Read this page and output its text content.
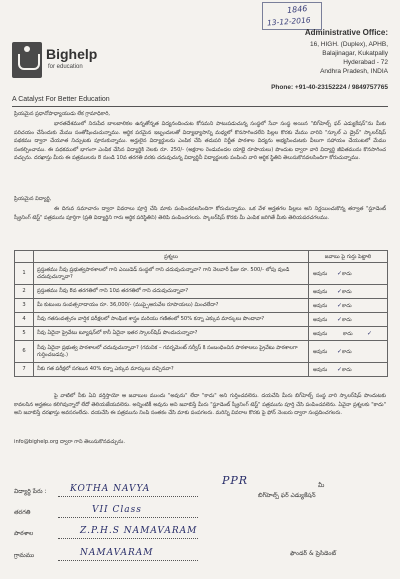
1846
13-12-2016
Bighelp
for education
A Catalyst For Better Education
Administrative Office:
16, HIGH. (Duplex), APHB,
Balajinagar, Kukatpally
Hyderabad - 72
Andhra Pradesh, INDIA
Phone: +91-40-23152224 / 9849757765
ప్రియమైన ప్రధానోపాధ్యాయుడు లేక గ్రామాధికారి,
భారతదేశములో నిరుపేద బాలబాలికల ఉన్నతోన్నత విద్యనందించుట కోసమని పాటుపడుచున్న సంస్థలో సేవా సంస్థ అయిన "బిగ్‌హెల్ప్ ఫర్ ఎడ్యుకేషన్"ను మీకు పరిచయం చేసేందుకు మేము సంతోషించుచున్నాము. ఆర్థిక పరమైన ఇబ్బందులతో విద్యాభ్యాసాన్ని మధ్యలో కొనసాగించలేని పిల్లల కొరకు మేము వారిని "స్కూల్ ఎ డ్రైవ్" స్కాలర్‌షిప్ పథకము ద్వారా చేయూత నిచ్చుటకు పూనుకున్నాము. అర్హులైన విద్యార్థులను ఎంపిక చేసి తదుపరి నిర్ణీత పాఠశాల విద్యను అభ్యసించుటకు వీలుగా సహాయం చేయుటలో మేము సంకల్పించాము. ఈ పథకములో భాగంగా ఎంపిక చేసిన విద్యార్థికి నెలకు రూ. 250/- (అక్షరాల రెండువందల యాభై రూపాయలు) పొందుట ద్వారా వారి విద్యార్థి జీవితమును కొనసాగించ వచ్చును. దరఖాస్తు మీరు ఈ పత్రములను 8 నుండి 10వ తరగతి వరకు చదువుచున్న విద్యార్థినీ విద్యార్థులకు పంపించి వారి ఆర్థిక స్థితిని తెలుసుకొనవలసిందిగా కోరుచున్నాము.
ప్రియమైన విద్యార్థి,
ఈ దిగువ సమాచారం ద్వారా వివరాలు పూర్తి చేసి మాకు పంపించవలసిందిగా కోరుచున్నాము. ఒక వేళ అర్హతగల పిల్లలు అని నిర్ణయించుకొన్న తర్వాత "స్టూడెంట్ స్క్రీనింగ్ టెస్ట్" పత్రమును పూర్తిగా (ప్రతి విద్యార్థిని గారు ఆర్థిక పరిస్థితిని) తెలిపి పంపించగలరు. స్కాలర్‌షిప్ కొరకు మీ ఎంపిక జరిగితే మీకు తెలియపరచగలము.
	ప్రశ్నలు	జవాబు పై గుర్తు పెట్టాలి
1	ప్రస్తుతము నీవు ప్రభుత్వపాఠశాలలో గాని ఎయిడెడ్ సంస్థలో గాని చదువుచున్నావా? గాని నెలవారీ ఫీజు రూ. 500/- లోపు వుండి చదువుచున్నావా?	అవును ✓కాదు
2	ప్రస్తుతము నీవు 8వ తరగతిలో గాని 10వ తరగతిలో గాని చదువుచున్నావా?	అవును ✓కాదు
3	మీ కుటుంబ సంవత్సరాదాయం రూ. 36,000/- (ముప్పైఆరువేల రూపాయలు) మించలేదా?	అవును ✓కాదు
4	నీవు గతసంవత్సరం వార్షిక పరీక్షలలో సాంఘిక శాస్త్రం మరియు గణితంలో 50% కన్నా ఎక్కువ మార్కులు పొందావా?	అవును ✓కాదు
5	నీవు ఏదైనా ప్రైవేటు ట్యూషన్‌లో కానీ ఏదైనా ఇతర స్కాలర్‌షిప్ పొందుచున్నావా?	అవును కాదు ✓
6	నీవు ఏదైనా ప్రభుత్వ పాఠశాలలో చదువుచున్నావా? (గమనిక – గవర్నమెంట్ సర్వీస్ కి సంబంధించిన పాఠశాలలు ప్రైవేటు పాఠశాలగా గుర్తించబడవు.)	అవును ✓కాదు
7	నీకు గత పరీక్షలో సగటున 40% కన్నా ఎక్కువ మార్కులు వచ్చినవా?	అవును ✓కాదు
పై వాటిలో నీకు ఏవి వర్తిస్తాయో ఆ జవాబుల ముందు "అవును" లేదా "కాదు" అని గుర్తించవలెను. దయచేసి మీరు బిగ్‌హెల్ప్ సంస్థ వారి స్కాలర్‌షిప్ పొందుటకు కావలసిన అర్హతలు కలిగివున్నారో లేదో తెలియజేయవలెను. అన్నింటికీ అవును అని జవాబిస్తే మీరు "స్టూడెంట్ స్క్రీనింగ్ టెస్ట్" పత్రమును పూర్తి చేసి పంపించవలెను. ఏవైనా ప్రశ్నలకు "కాదు" అని జవాబిస్తే దరఖాస్తు అవసరంలేదు. దయచేసి ఈ పత్రమును నింపి సంతకం చేసి మాకు పంపగలరు. మరిన్ని వివరాల కొరకు పై ఫోన్ నెంబరు ద్వారా సంప్రదించగలరు.
info@bighelp.org ద్వారా గాని తెలుసుకొనవచ్చును.
విద్యార్థి పేరు :	KOTHA NAVYA
PPR
తరగతి	VII Class
పాఠశాల	Z.P.H.S NAMAVARAM
గ్రామము	NAMAVARAM
మీ
బిగ్‌హెల్ప్ ఫర్ ఎడ్యుకేషన్
ఫౌండర్ & ప్రెసిడెంట్
